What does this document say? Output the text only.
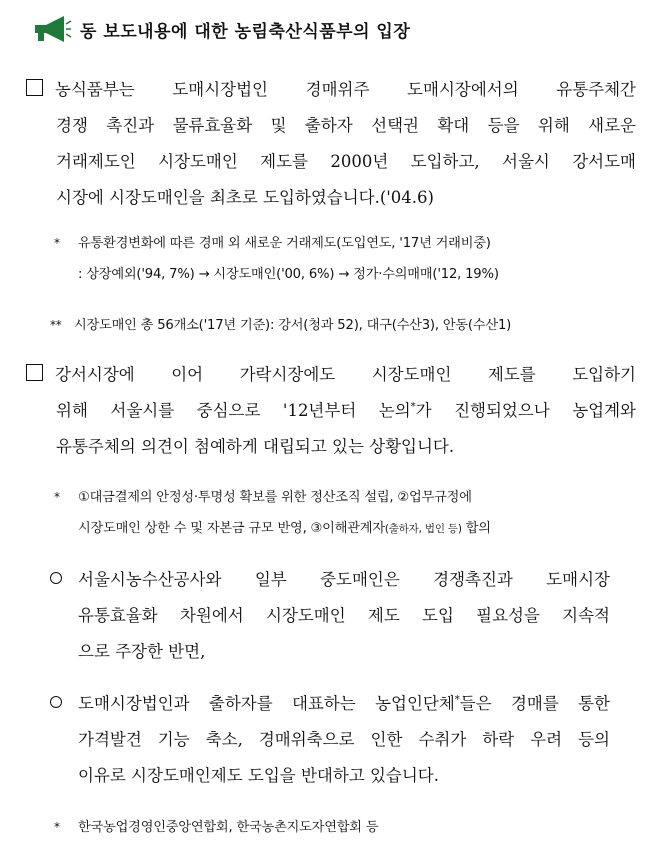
동 보도내용에 대한 농림축산식품부의 입장
농식품부는 도매시장법인 경매위주 도매시장에서의 유통주체간
경쟁 촉진과 물류효율화 및 출하자 선택권 확대 등을 위해 새로운
거래제도인 시장도매인 제도를 2000년 도입하고, 서울시 강서도매
시장에 시장도매인을 최초로 도입하였습니다.('04.6)
* 유통환경변화에 따른 경매 외 새로운 거래제도(도입연도, '17년 거래비중)
: 상장예외('94, 7%) → 시장도매인('00, 6%) → 정가·수의매매('12, 19%)
** 시장도매인 총 56개소('17년 기준): 강서(청과 52), 대구(수산3), 안동(수산1)
강서시장에 이어 가락시장에도 시장도매인 제도를 도입하기
위해 서울시를 중심으로 '12년부터 논의*가 진행되었으나 농업계와
유통주체의 의견이 첨예하게 대립되고 있는 상황입니다.
* ①대금결제의 안정성·투명성 확보를 위한 정산조직 설립, ②업무규정에
시장도매인 상한 수 및 자본금 규모 반영, ③이해관계자(출하자, 법인 등) 합의
서울시농수산공사와 일부 중도매인은 경쟁촉진과 도매시장
유통효율화 차원에서 시장도매인 제도 도입 필요성을 지속적
으로 주장한 반면,
도매시장법인과 출하자를 대표하는 농업인단체*들은 경매를 통한
가격발견 기능 축소, 경매위축으로 인한 수취가 하락 우려 등의
이유로 시장도매인제도 도입을 반대하고 있습니다.
* 한국농업경영인중앙연합회, 한국농촌지도자연합회 등
